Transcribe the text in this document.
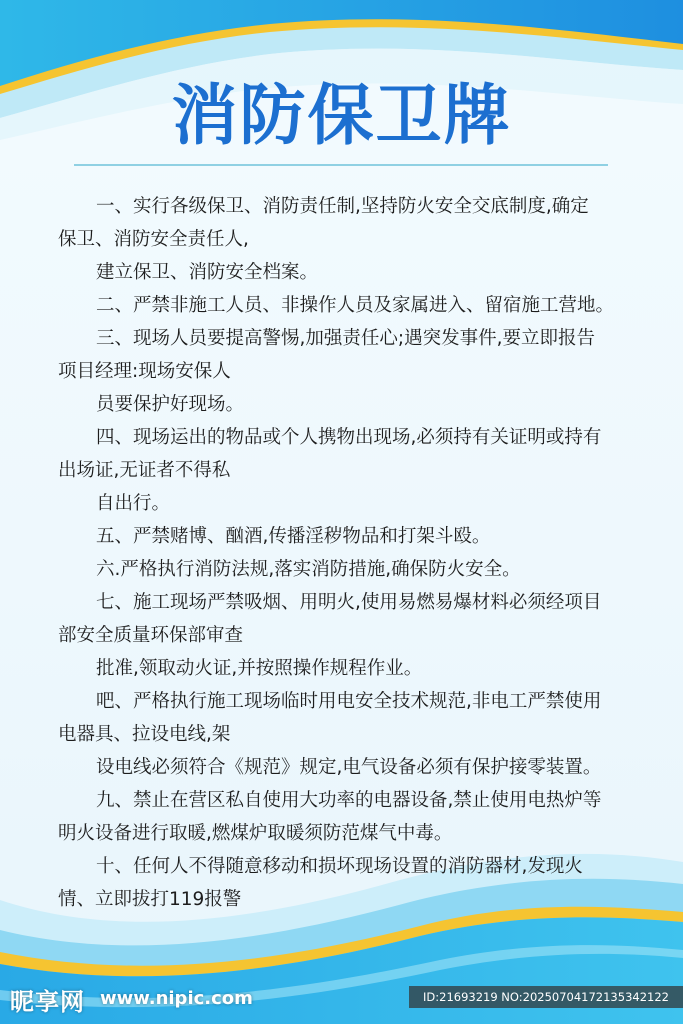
消防保卫牌

一、实行各级保卫、消防责任制,坚持防火安全交底制度,确定
保卫、消防安全责任人,
建立保卫、消防安全档案。

二、严禁非施工人员、非操作人员及家属进入、留宿施工营地。

三、现场人员要提高警惕,加强责任心;遇突发事件,要立即报告
项目经理:现场安保人
员要保护好现场。

四、现场运出的物品或个人携物出现场,必须持有关证明或持有
出场证,无证者不得私
自出行。

五、严禁赌博、酗酒,传播淫秽物品和打架斗殴。

六.严格执行消防法规,落实消防措施,确保防火安全。

七、施工现场严禁吸烟、用明火,使用易燃易爆材料必须经项目
部安全质量环保部审查
批准,领取动火证,并按照操作规程作业。

吧、严格执行施工现场临时用电安全技术规范,非电工严禁使用
电器具、拉设电线,架
设电线必须符合《规范》规定,电气设备必须有保护接零装置。

九、禁止在营区私自使用大功率的电器设备,禁止使用电热炉等
明火设备进行取暖,燃煤炉取暖须防范煤气中毒。

十、任何人不得随意移动和损坏现场设置的消防器材,发现火
情、立即拔打119报警

昵享网 www.nipic.com	ID:21693219 NO:20250704172135342122
